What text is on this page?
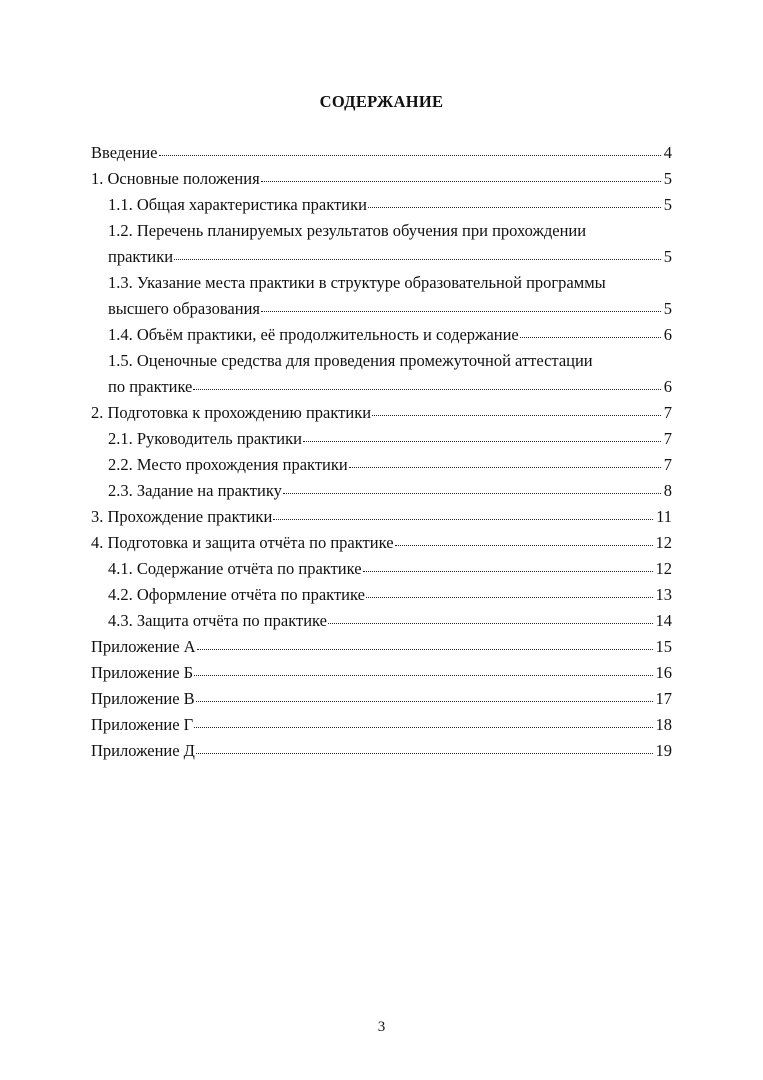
СОДЕРЖАНИЕ
Введение	4
1. Основные положения	5
1.1. Общая характеристика практики	5
1.2. Перечень планируемых результатов обучения при прохождении
практики	5
1.3. Указание места практики в структуре образовательной программы
высшего образования	5
1.4. Объём практики, её продолжительность и содержание	6
1.5. Оценочные средства для проведения промежуточной аттестации
по практике	6
2. Подготовка к прохождению практики	7
2.1. Руководитель практики	7
2.2. Место прохождения практики	7
2.3. Задание на практику	8
3. Прохождение практики	11
4. Подготовка и защита отчёта по практике	12
4.1. Содержание отчёта по практике	12
4.2. Оформление отчёта по практике	13
4.3. Защита отчёта по практике	14
Приложение А	15
Приложение Б	16
Приложение В	17
Приложение Г	18
Приложение Д	19
3
